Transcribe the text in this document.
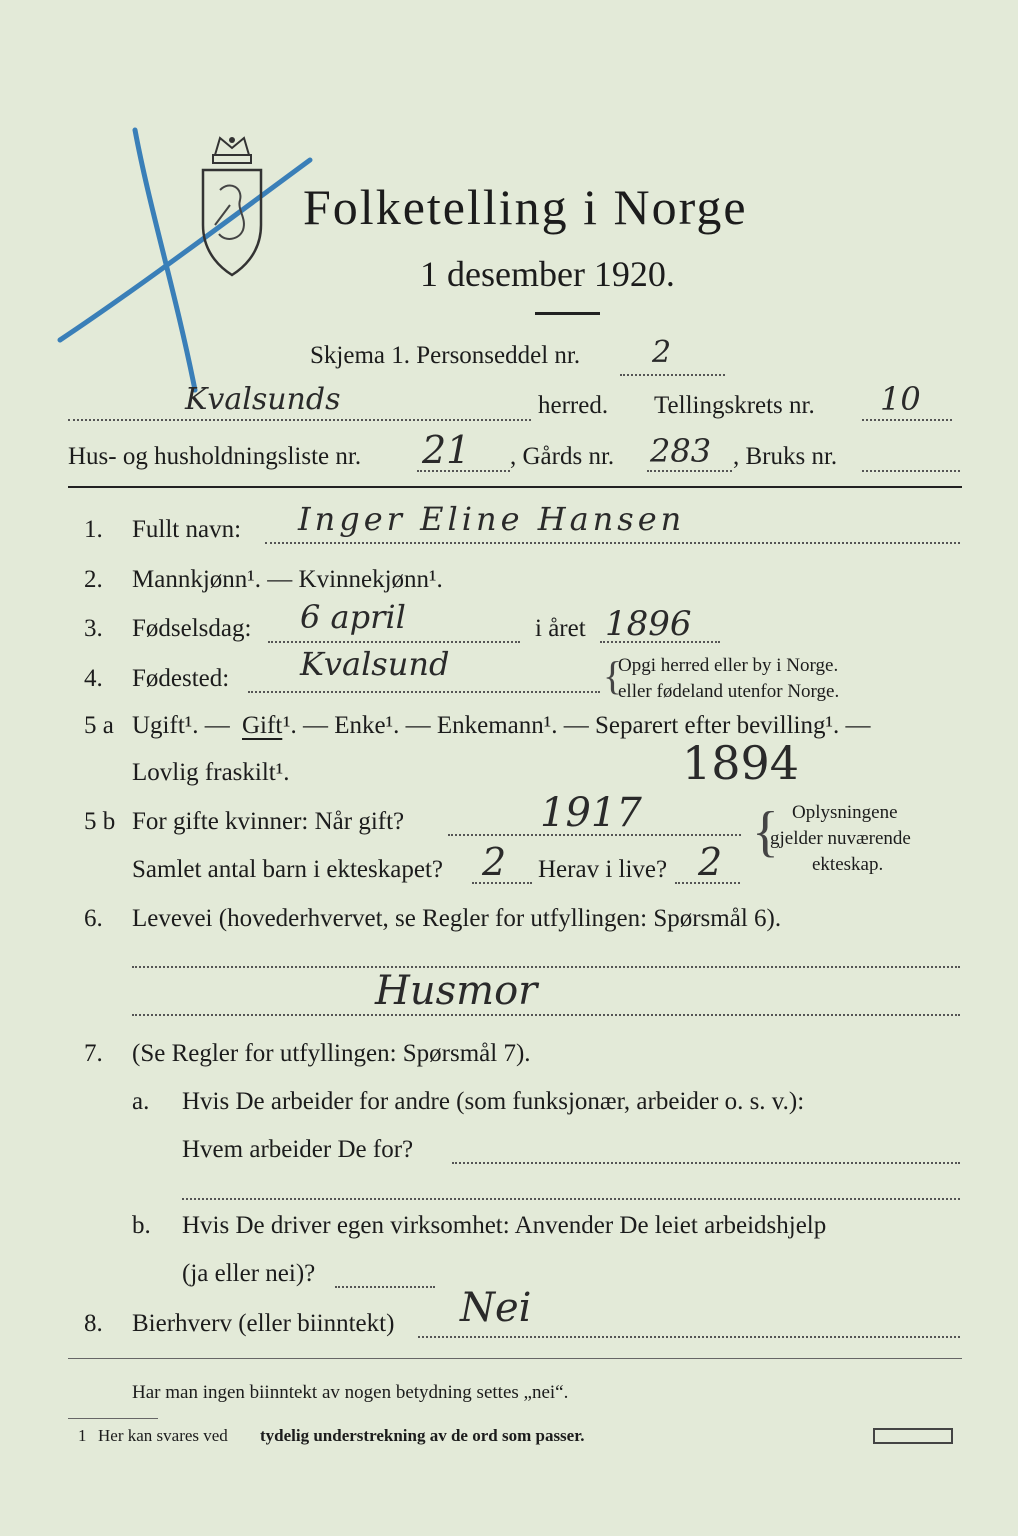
Folketelling i Norge
1 desember 1920.
Skjema 1. Personseddel nr. 2
Kvalsunds	herred. Tellingskrets nr. 10
Hus- og husholdningsliste nr. 21 , Gårds nr. 283 , Bruks nr.
1. Fullt navn: Inger Eline Hansen
2. Mannkjønn¹. — Kvinnekjønn¹.
3. Fødselsdag: 6 april	i året 1896
4. Fødested: Kvalsund	{
Opgi herred eller by i Norge.
eller fødeland utenfor Norge.
5 a Ugift¹. — Gift ¹. — Enke¹. — Enkemann¹. — Separert efter bevilling¹. —
Lovlig fraskilt¹.	1894
5 b For gifte kvinner: Når gift?	1917 { Oplysningene
gjelder nuværende
ekteskap.
Samlet antal barn i ekteskapet? 2 Herav i live? 2
6. Levevei (hovederhvervet, se Regler for utfyllingen: Spørsmål 6).
Husmor
7. (Se Regler for utfyllingen: Spørsmål 7).
a. Hvis De arbeider for andre (som funksjonær, arbeider o. s. v.):
Hvem arbeider De for?
b. Hvis De driver egen virksomhet: Anvender De leiet arbeidshjelp
(ja eller nei)?
8. Bierhverv (eller biinntekt) Nei
Har man ingen biinntekt av nogen betydning settes „nei“.
1 Her kan svares ved tydelig understrekning av de ord som passer.
